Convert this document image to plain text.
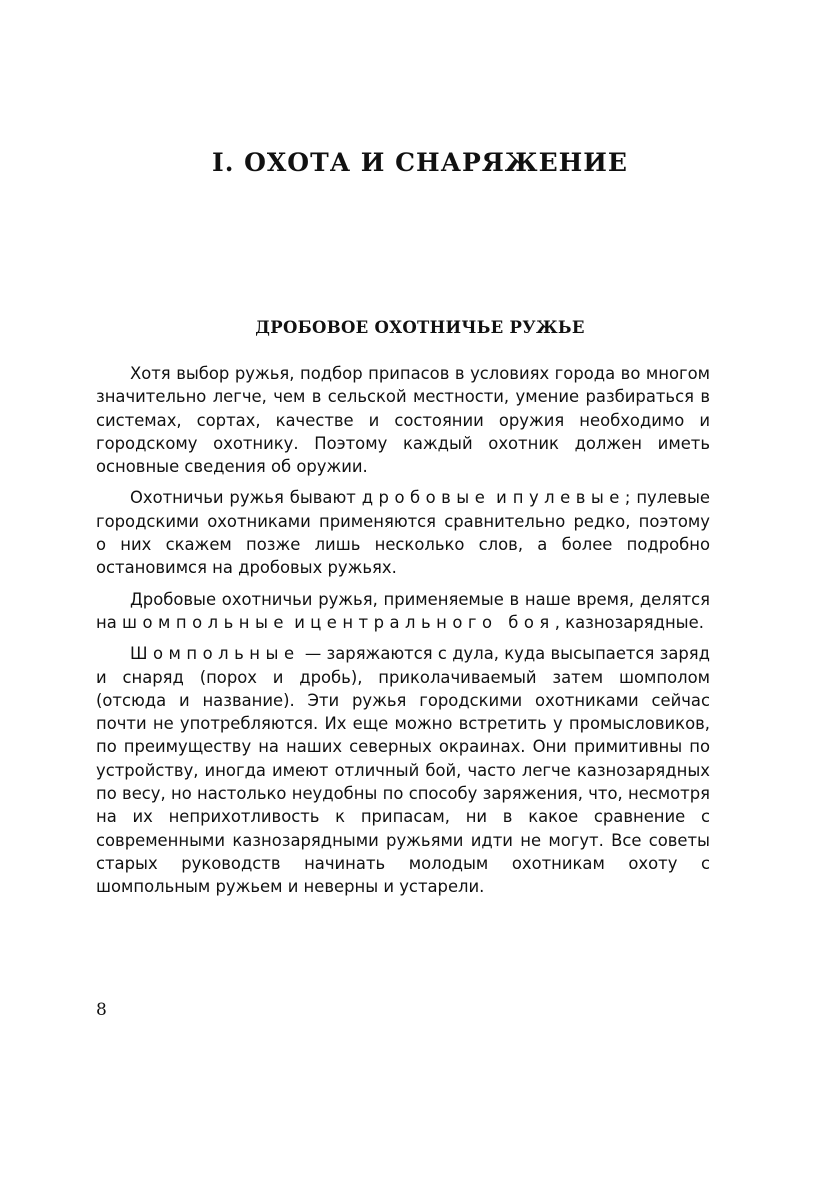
I. ОХОТА И СНАРЯЖЕНИЕ
ДРОБОВОЕ ОХОТНИЧЬЕ РУЖЬЕ

Хотя выбор ружья, подбор припасов в условиях города во многом значительно легче, чем в сельской местности, умение разбираться в системах, сортах, качестве и состоянии оружия необходимо и городскому охотнику. Поэтому каждый охотник должен иметь основные сведения об оружии.

Охотничьи ружья бывают дробовые и пулевые; пулевые городскими охотниками применяются сравнительно редко, поэтому о них скажем позже лишь несколько слов, а более подробно остановимся на дробовых ружьях.

Дробовые охотничьи ружья, применяемые в наше время, делятся на шомпольные и центрального боя, казнозарядные.

Шомпольные — заряжаются с дула, куда высыпается заряд и снаряд (порох и дробь), приколачиваемый затем шомполом (отсюда и название). Эти ружья городскими охотниками сейчас почти не употребляются. Их еще можно встретить у промысловиков, по преимуществу на наших северных окраинах. Они примитивны по устройству, иногда имеют отличный бой, часто легче казнозарядных по весу, но настолько неудобны по способу заряжения, что, несмотря на их неприхотливость к припасам, ни в какое сравнение с современными казнозарядными ружьями идти не могут. Все советы старых руководств начинать молодым охотникам охоту с шомпольным ружьем и неверны и устарели.

8
